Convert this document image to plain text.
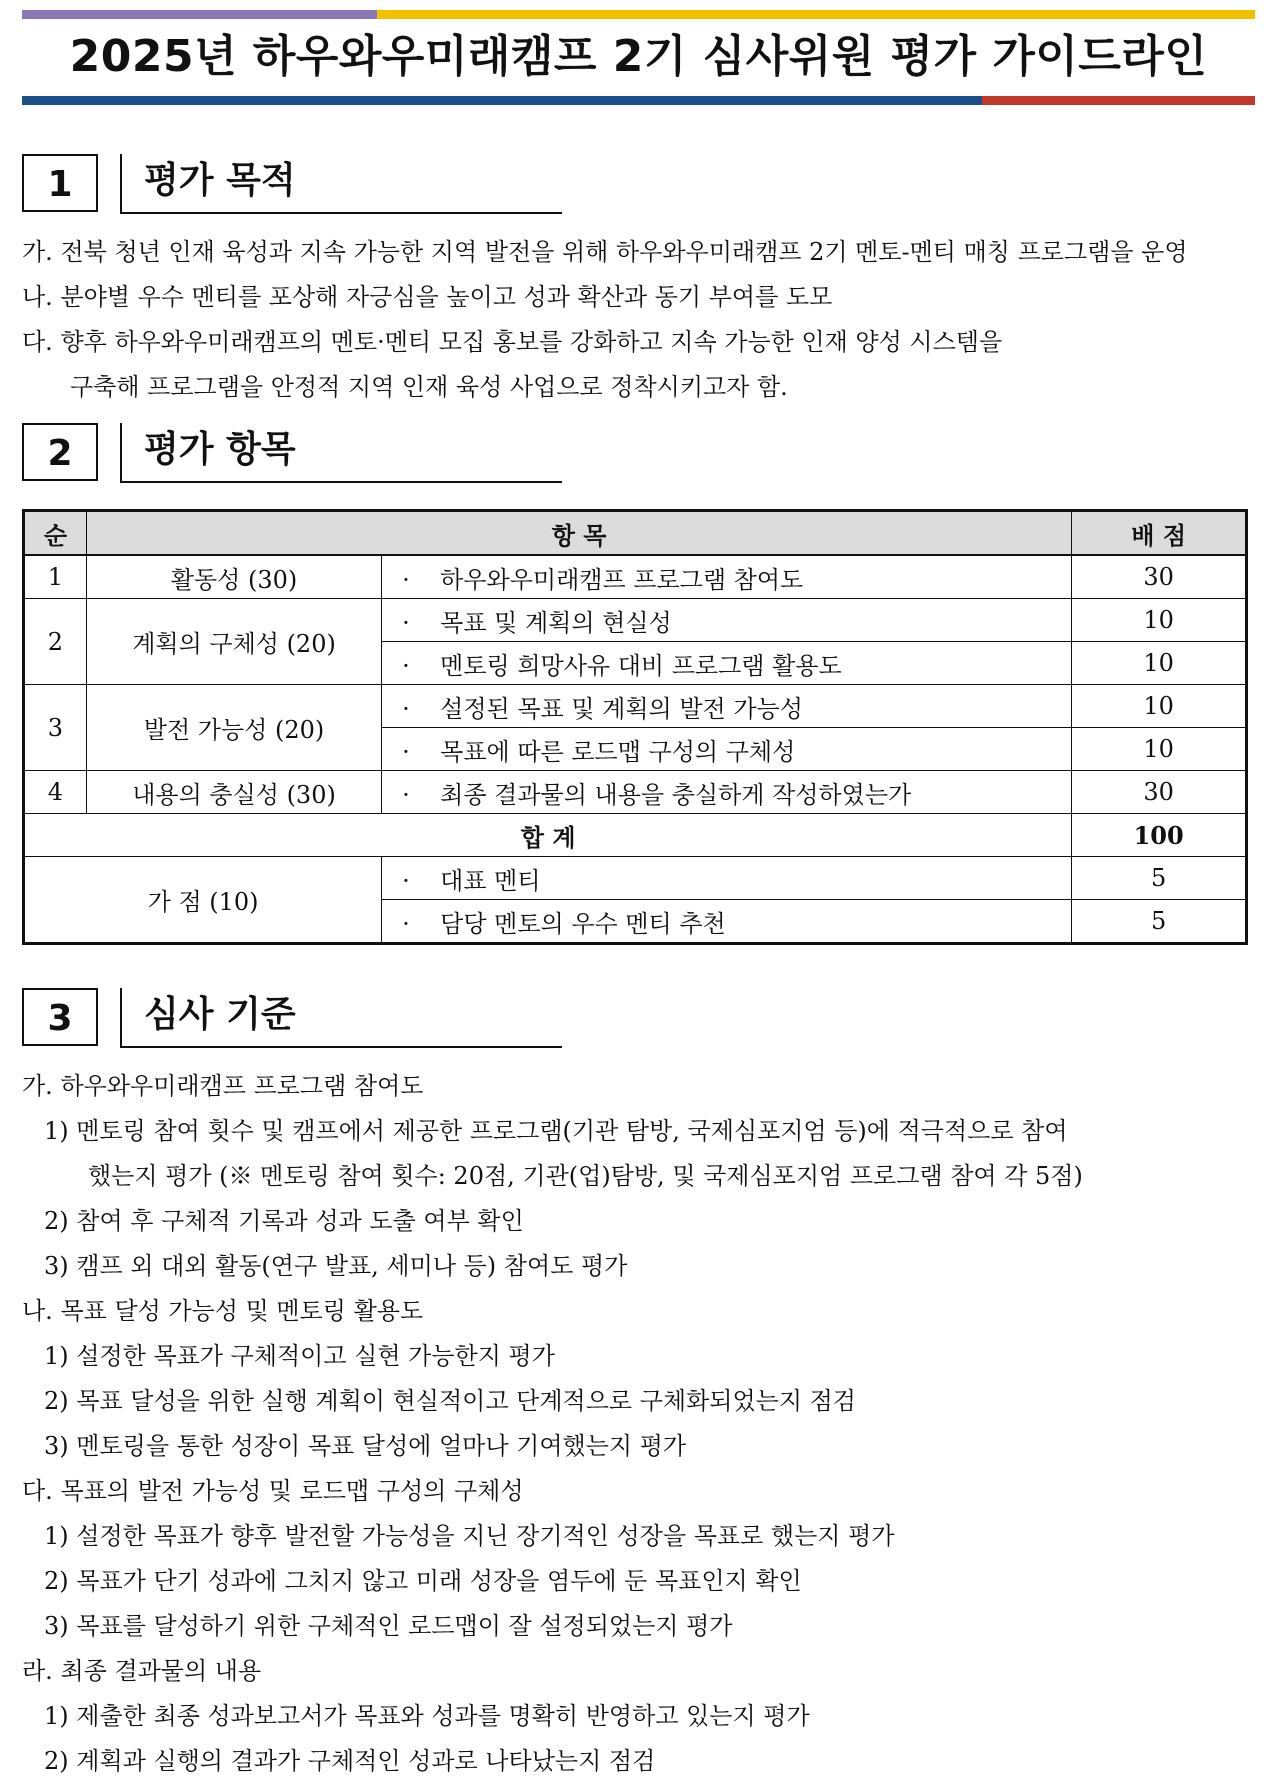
2025년 하우와우미래캠프 2기 심사위원 평가 가이드라인
1	평가 목적
가. 전북 청년 인재 육성과 지속 가능한 지역 발전을 위해 하우와우미래캠프 2기 멘토-멘티 매칭 프로그램을 운영
나. 분야별 우수 멘티를 포상해 자긍심을 높이고 성과 확산과 동기 부여를 도모
다. 향후 하우와우미래캠프의 멘토·멘티 모집 홍보를 강화하고 지속 가능한 인재 양성 시스템을
구축해 프로그램을 안정적 지역 인재 육성 사업으로 정착시키고자 함.
2	평가 항목
순	항 목		배 점
1	활동성 (30)	· 하우와우미래캠프 프로그램 참여도	30
2	계획의 구체성 (20)	· 목표 및 계획의 현실성	10
		· 멘토링 희망사유 대비 프로그램 활용도	10
3	발전 가능성 (20)	· 설정된 목표 및 계획의 발전 가능성	10
		· 목표에 따른 로드맵 구성의 구체성	10
4	내용의 충실성 (30)	· 최종 결과물의 내용을 충실하게 작성하였는가	30
합 계			100
가 점 (10)		· 대표 멘티	5
		· 담당 멘토의 우수 멘티 추천	5
3	심사 기준
가. 하우와우미래캠프 프로그램 참여도
1) 멘토링 참여 횟수 및 캠프에서 제공한 프로그램(기관 탐방, 국제심포지엄 등)에 적극적으로 참여
했는지 평가 (※ 멘토링 참여 횟수: 20점, 기관(업)탐방, 및 국제심포지엄 프로그램 참여 각 5점)
2) 참여 후 구체적 기록과 성과 도출 여부 확인
3) 캠프 외 대외 활동(연구 발표, 세미나 등) 참여도 평가
나. 목표 달성 가능성 및 멘토링 활용도
1) 설정한 목표가 구체적이고 실현 가능한지 평가
2) 목표 달성을 위한 실행 계획이 현실적이고 단계적으로 구체화되었는지 점검
3) 멘토링을 통한 성장이 목표 달성에 얼마나 기여했는지 평가
다. 목표의 발전 가능성 및 로드맵 구성의 구체성
1) 설정한 목표가 향후 발전할 가능성을 지닌 장기적인 성장을 목표로 했는지 평가
2) 목표가 단기 성과에 그치지 않고 미래 성장을 염두에 둔 목표인지 확인
3) 목표를 달성하기 위한 구체적인 로드맵이 잘 설정되었는지 평가
라. 최종 결과물의 내용
1) 제출한 최종 성과보고서가 목표와 성과를 명확히 반영하고 있는지 평가
2) 계획과 실행의 결과가 구체적인 성과로 나타났는지 점검
